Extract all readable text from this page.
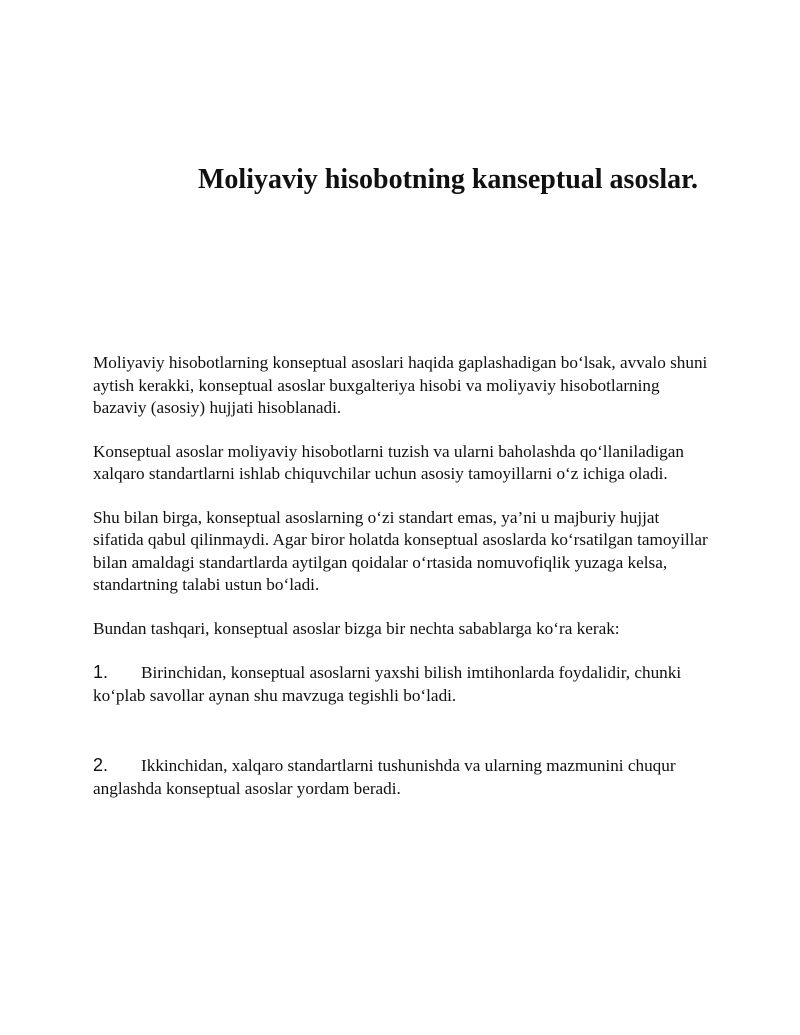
Moliyaviy hisobotning kanseptual asoslar.

Moliyaviy hisobotlarning konseptual asoslari haqida gaplashadigan bo‘lsak, avvalo shuni aytish kerakki, konseptual asoslar buxgalteriya hisobi va moliyaviy hisobotlarning bazaviy (asosiy) hujjati hisoblanadi.

Konseptual asoslar moliyaviy hisobotlarni tuzish va ularni baholashda qo‘llaniladigan xalqaro standartlarni ishlab chiquvchilar uchun asosiy tamoyillarni o‘z ichiga oladi.

Shu bilan birga, konseptual asoslarning o‘zi standart emas, ya’ni u majburiy hujjat sifatida qabul qilinmaydi. Agar biror holatda konseptual asoslarda ko‘rsatilgan tamoyillar bilan amaldagi standartlarda aytilgan qoidalar o‘rtasida nomuvofiqlik yuzaga kelsa, standartning talabi ustun bo‘ladi.

Bundan tashqari, konseptual asoslar bizga bir nechta sabablarga ko‘ra kerak:

1. Birinchidan, konseptual asoslarni yaxshi bilish imtihonlarda foydalidir, chunki ko‘plab savollar aynan shu mavzuga tegishli bo‘ladi.

2. Ikkinchidan, xalqaro standartlarni tushunishda va ularning mazmunini chuqur anglashda konseptual asoslar yordam beradi.
